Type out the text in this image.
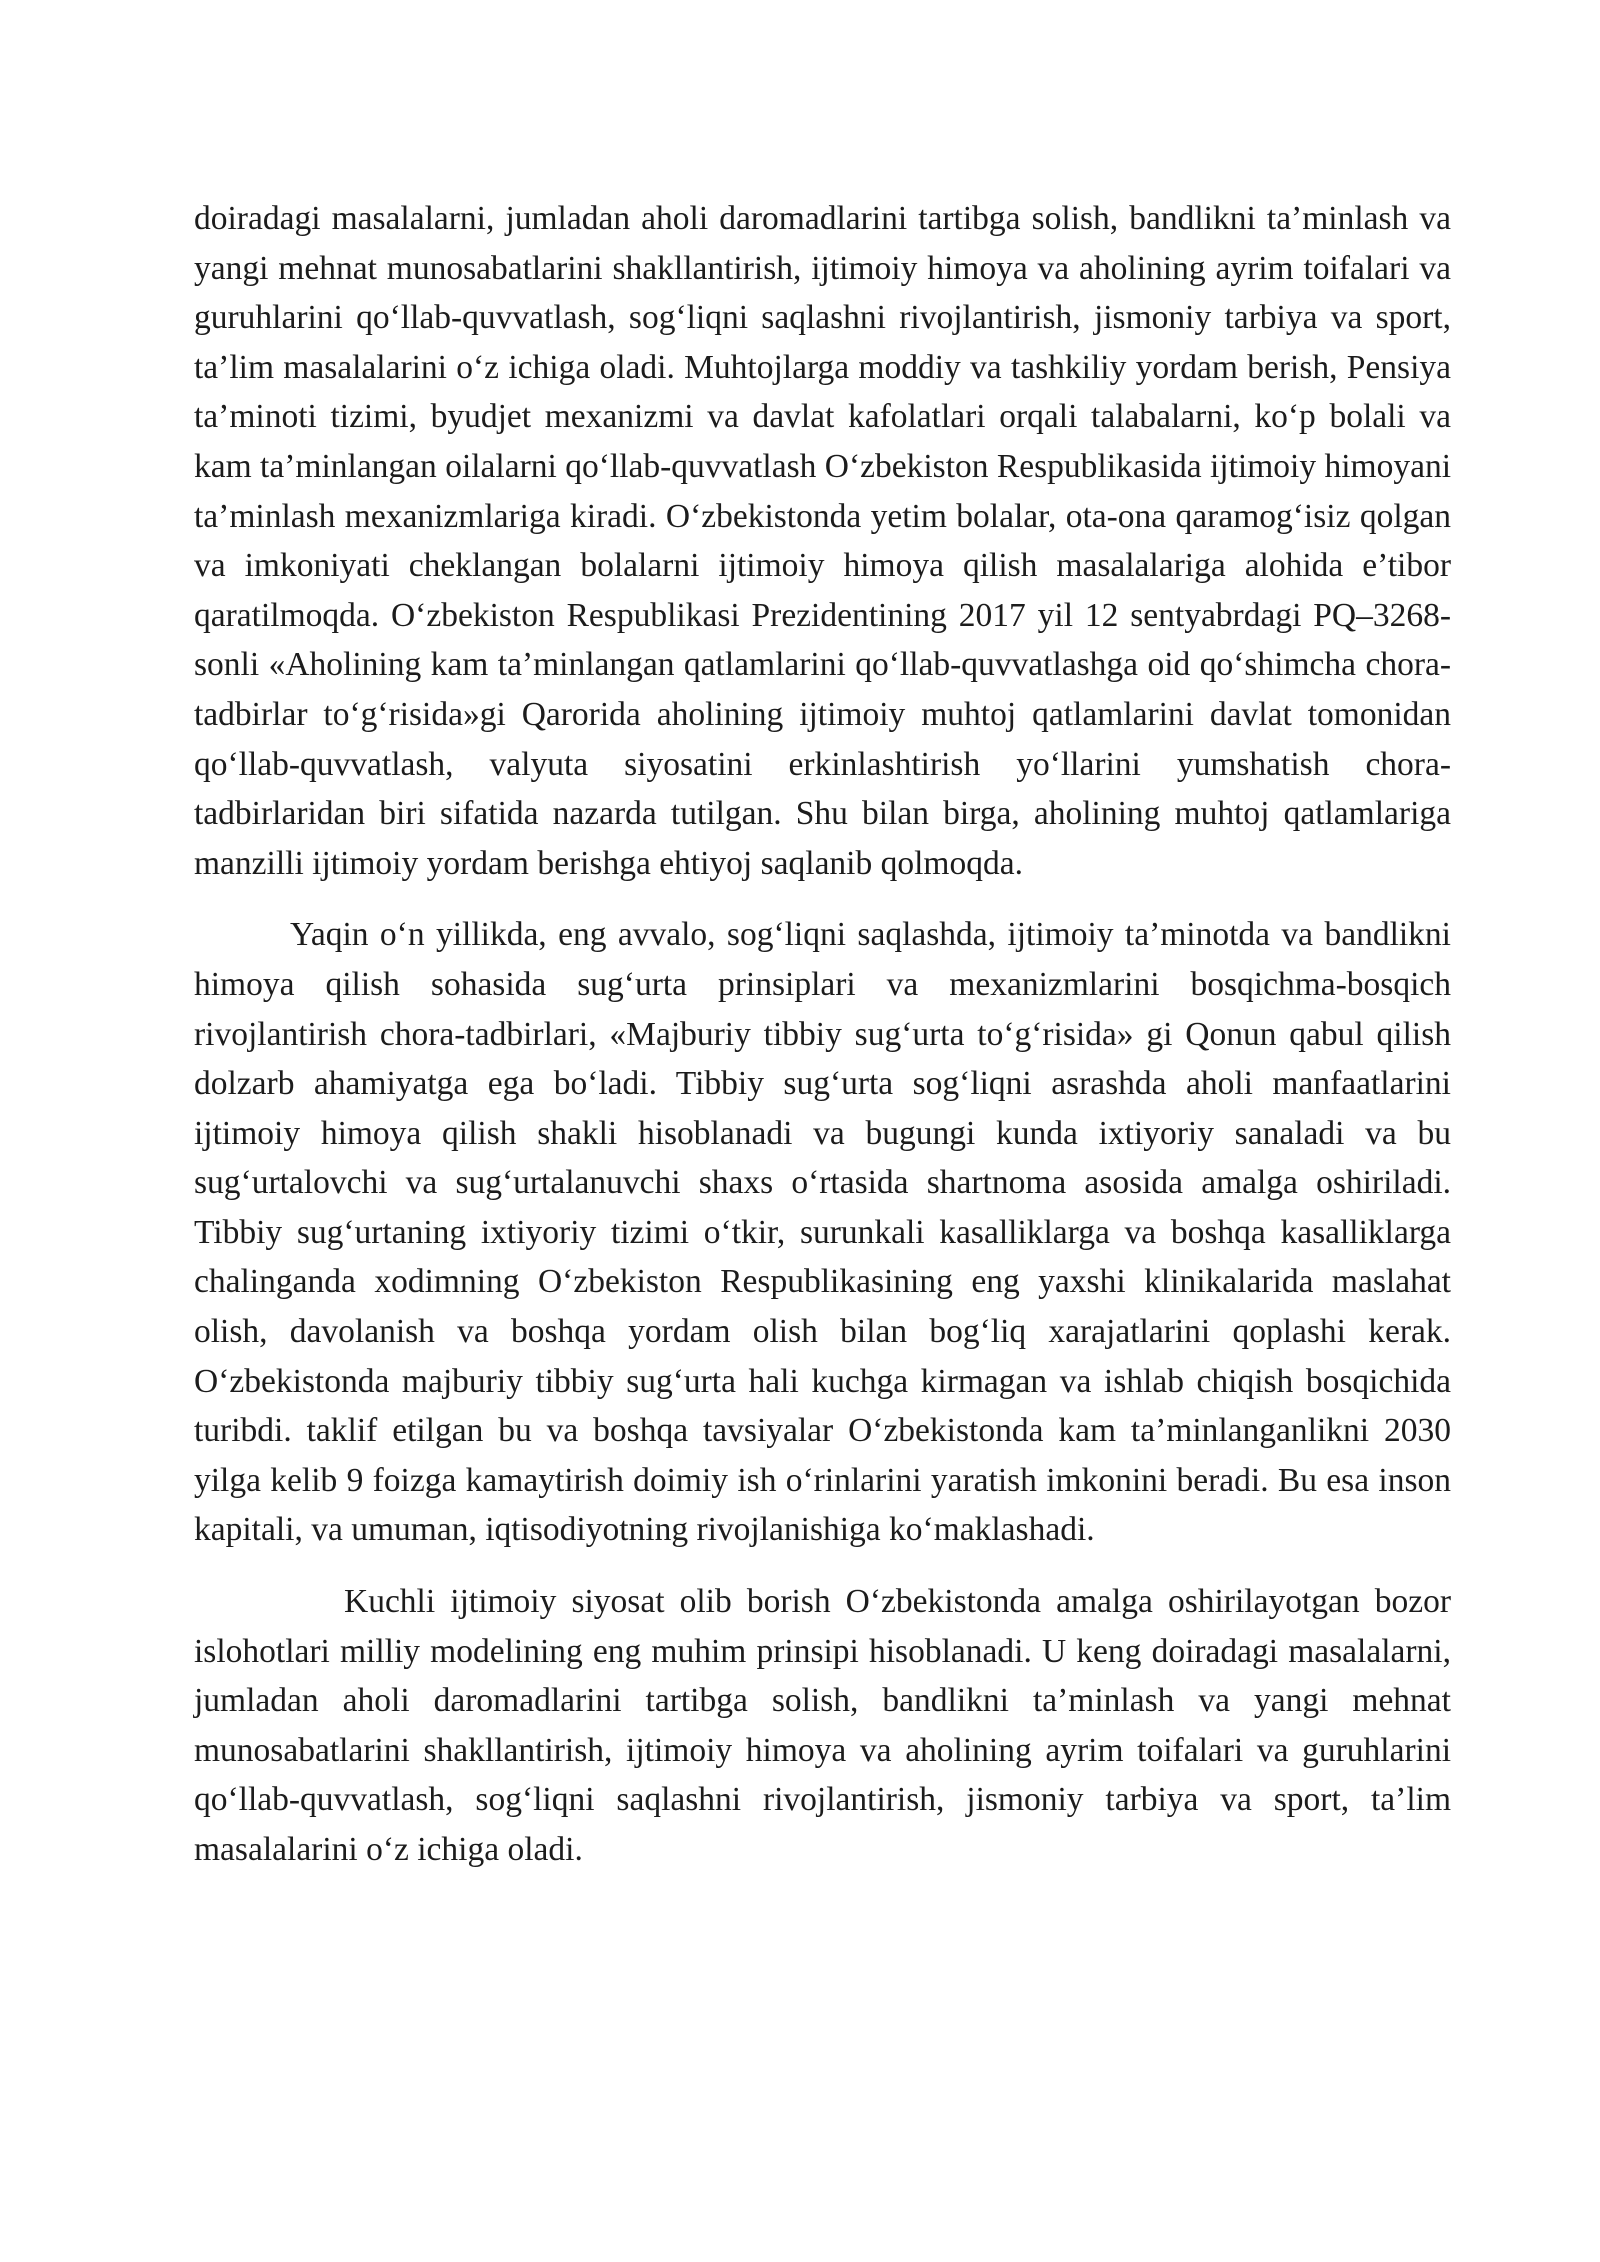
doiradagi masalalarni, jumladan aholi daromadlarini tartibga solish, bandlikni ta’minlash va yangi mehnat munosabatlarini shakllantirish, ijtimoiy himoya va aholining ayrim toifalari va guruhlarini qo‘llab-quvvatlash, sog‘liqni saqlashni rivojlantirish, jismoniy tarbiya va sport, ta’lim masalalarini o‘z ichiga oladi. Muhtojlarga moddiy va tashkiliy yordam berish, Pensiya ta’minoti tizimi, byudjet mexanizmi va davlat kafolatlari orqali talabalarni, ko‘p bolali va kam ta’minlangan oilalarni qo‘llab-quvvatlash O‘zbekiston Respublikasida ijtimoiy himoyani ta’minlash mexanizmlariga kiradi. O‘zbekistonda yetim bolalar, ota-ona qaramog‘isiz qolgan va imkoniyati cheklangan bolalarni ijtimoiy himoya qilish masalalariga alohida e’tibor qaratilmoqda. O‘zbekiston Respublikasi Prezidentining 2017 yil 12 sentyabrdagi PQ–3268- sonli «Aholining kam ta’minlangan qatlamlarini qo‘llab-quvvatlashga oid qo‘shimcha chora-tadbirlar to‘g‘risida»gi Qarorida aholining ijtimoiy muhtoj qatlamlarini davlat tomonidan qo‘llab-quvvatlash, valyuta siyosatini erkinlashtirish yo‘llarini yumshatish chora-tadbirlaridan biri sifatida nazarda tutilgan. Shu bilan birga, aholining muhtoj qatlamlariga manzilli ijtimoiy yordam berishga ehtiyoj saqlanib qolmoqda.

Yaqin o‘n yillikda, eng avvalo, sog‘liqni saqlashda, ijtimoiy ta’minotda va bandlikni himoya qilish sohasida sug‘urta prinsiplari va mexanizmlarini bosqichma-bosqich rivojlantirish chora-tadbirlari, «Majburiy tibbiy sug‘urta to‘g‘risida» gi Qonun qabul qilish dolzarb ahamiyatga ega bo‘ladi. Tibbiy sug‘urta sog‘liqni asrashda aholi manfaatlarini ijtimoiy himoya qilish shakli hisoblanadi va bugungi kunda ixtiyoriy sanaladi va bu sug‘urtalovchi va sug‘urtalanuvchi shaxs o‘rtasida shartnoma asosida amalga oshiriladi. Tibbiy sug‘urtaning ixtiyoriy tizimi o‘tkir, surunkali kasalliklarga va boshqa kasalliklarga chalinganda xodimning O‘zbekiston Respublikasining eng yaxshi klinikalarida maslahat olish, davolanish va boshqa yordam olish bilan bog‘liq xarajatlarini qoplashi kerak. O‘zbekistonda majburiy tibbiy sug‘urta hali kuchga kirmagan va ishlab chiqish bosqichida turibdi. taklif etilgan bu va boshqa tavsiyalar O‘zbekistonda kam ta’minlanganlikni 2030 yilga kelib 9 foizga kamaytirish doimiy ish o‘rinlarini yaratish imkonini beradi. Bu esa inson kapitali, va umuman, iqtisodiyotning rivojlanishiga ko‘maklashadi.

Kuchli ijtimoiy siyosat olib borish O‘zbekistonda amalga oshirilayotgan bozor islohotlari milliy modelining eng muhim prinsipi hisoblanadi. U keng doiradagi masalalarni, jumladan aholi daromadlarini tartibga solish, bandlikni ta’minlash va yangi mehnat munosabatlarini shakllantirish, ijtimoiy himoya va aholining ayrim toifalari va guruhlarini qo‘llab-quvvatlash, sog‘liqni saqlashni rivojlantirish, jismoniy tarbiya va sport, ta’lim masalalarini o‘z ichiga oladi.
